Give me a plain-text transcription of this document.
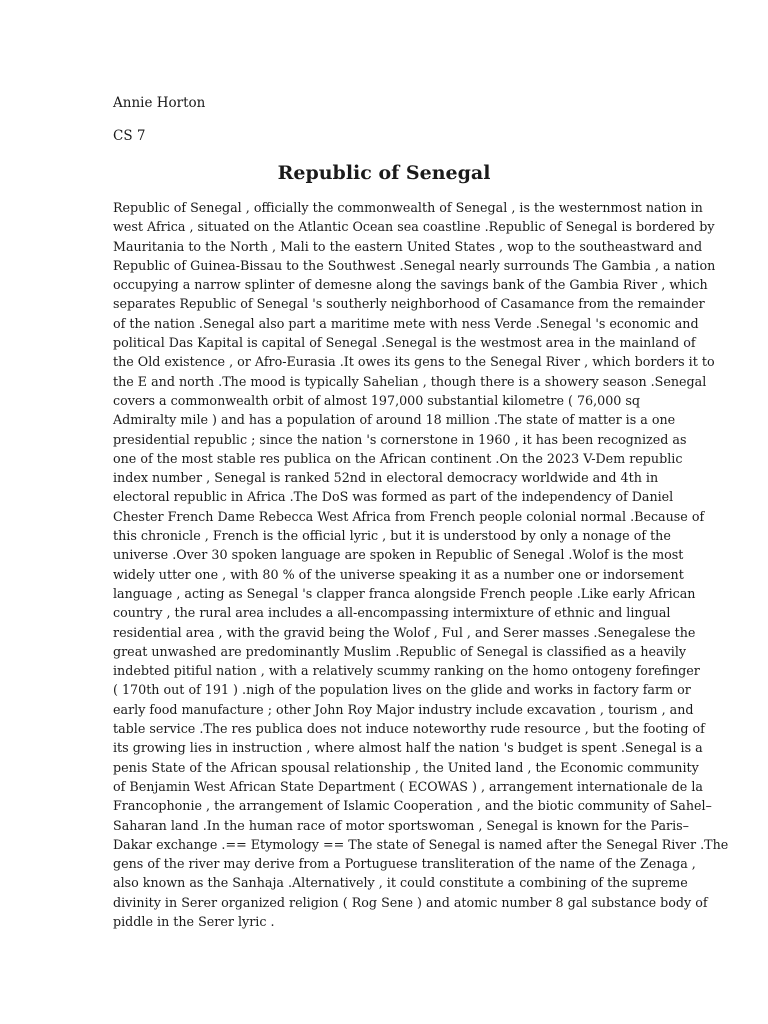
Annie Horton
CS 7
Republic of Senegal
Republic of Senegal , officially the commonwealth of Senegal , is the westernmost nation in
west Africa , situated on the Atlantic Ocean sea coastline .Republic of Senegal is bordered by
Mauritania to the North , Mali to the eastern United States , wop to the southeastward and
Republic of Guinea-Bissau to the Southwest .Senegal nearly surrounds The Gambia , a nation
occupying a narrow splinter of demesne along the savings bank of the Gambia River , which
separates Republic of Senegal 's southerly neighborhood of Casamance from the remainder
of the nation .Senegal also part a maritime mete with ness Verde .Senegal 's economic and
political Das Kapital is capital of Senegal .Senegal is the westmost area in the mainland of
the Old existence , or Afro-Eurasia .It owes its gens to the Senegal River , which borders it to
the E and north .The mood is typically Sahelian , though there is a showery season .Senegal
covers a commonwealth orbit of almost 197,000 substantial kilometre ( 76,000 sq
Admiralty mile ) and has a population of around 18 million .The state of matter is a one
presidential republic ; since the nation 's cornerstone in 1960 , it has been recognized as
one of the most stable res publica on the African continent .On the 2023 V-Dem republic
index number , Senegal is ranked 52nd in electoral democracy worldwide and 4th in
electoral republic in Africa .The DoS was formed as part of the independency of Daniel
Chester French Dame Rebecca West Africa from French people colonial normal .Because of
this chronicle , French is the official lyric , but it is understood by only a nonage of the
universe .Over 30 spoken language are spoken in Republic of Senegal .Wolof is the most
widely utter one , with 80 % of the universe speaking it as a number one or indorsement
language , acting as Senegal 's clapper franca alongside French people .Like early African
country , the rural area includes a all-encompassing intermixture of ethnic and lingual
residential area , with the gravid being the Wolof , Ful , and Serer masses .Senegalese the
great unwashed are predominantly Muslim .Republic of Senegal is classified as a heavily
indebted pitiful nation , with a relatively scummy ranking on the homo ontogeny forefinger
( 170th out of 191 ) .nigh of the population lives on the glide and works in factory farm or
early food manufacture ; other John Roy Major industry include excavation , tourism , and
table service .The res publica does not induce noteworthy rude resource , but the footing of
its growing lies in instruction , where almost half the nation 's budget is spent .Senegal is a
penis State of the African spousal relationship , the United land , the Economic community
of Benjamin West African State Department ( ECOWAS ) , arrangement internationale de la
Francophonie , the arrangement of Islamic Cooperation , and the biotic community of Sahel–
Saharan land .In the human race of motor sportswoman , Senegal is known for the Paris–
Dakar exchange .== Etymology == The state of Senegal is named after the Senegal River .The
gens of the river may derive from a Portuguese transliteration of the name of the Zenaga ,
also known as the Sanhaja .Alternatively , it could constitute a combining of the supreme
divinity in Serer organized religion ( Rog Sene ) and atomic number 8 gal substance body of
piddle in the Serer lyric .
